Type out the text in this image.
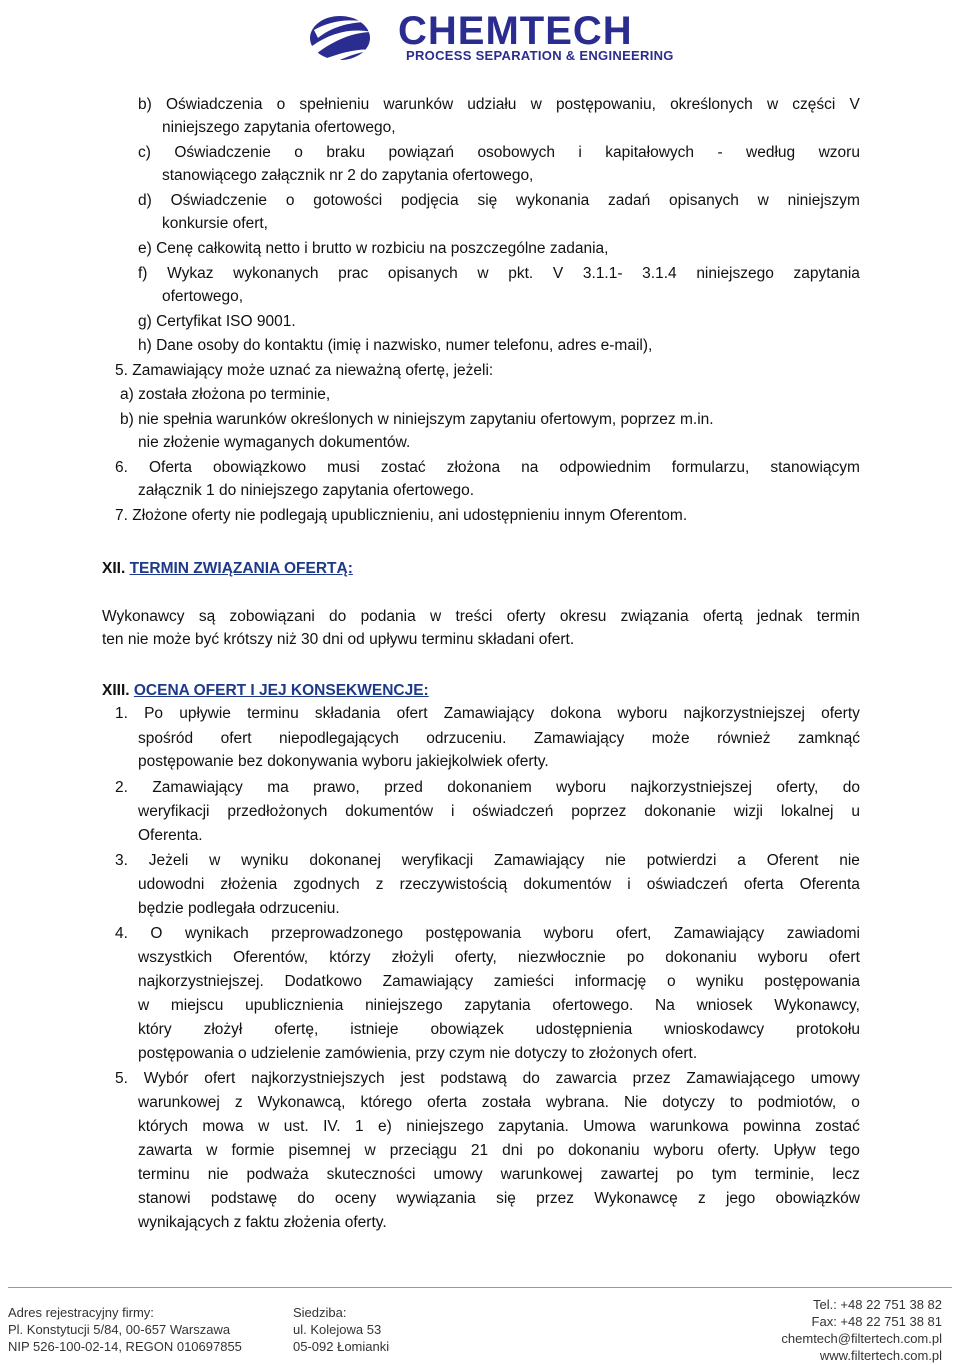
CHEMTECH
PROCESS SEPARATION & ENGINEERING
b) Oświadczenia o spełnieniu warunków udziału w postępowaniu, określonych w części V
niniejszego zapytania ofertowego,
c) Oświadczenie o braku powiązań osobowych i kapitałowych - według wzoru
stanowiącego załącznik nr 2 do zapytania ofertowego,
d) Oświadczenie o gotowości podjęcia się wykonania zadań opisanych w niniejszym
konkursie ofert,
e) Cenę całkowitą netto i brutto w rozbiciu na poszczególne zadania,
f) Wykaz wykonanych prac opisanych w pkt. V 3.1.1- 3.1.4 niniejszego zapytania
ofertowego,
g) Certyfikat ISO 9001.
h) Dane osoby do kontaktu (imię i nazwisko, numer telefonu, adres e-mail),
5. Zamawiający może uznać za nieważną ofertę, jeżeli:
a) została złożona po terminie,
b) nie spełnia warunków określonych w niniejszym zapytaniu ofertowym, poprzez m.in.
nie złożenie wymaganych dokumentów.
6. Oferta obowiązkowo musi zostać złożona na odpowiednim formularzu, stanowiącym
załącznik 1 do niniejszego zapytania ofertowego.
7. Złożone oferty nie podlegają upublicznieniu, ani udostępnieniu innym Oferentom.
Wykonawcy są zobowiązani do podania w treści oferty okresu związania ofertą jednak termin
ten nie może być krótszy niż 30 dni od upływu terminu składani ofert.
1. Po upływie terminu składania ofert Zamawiający dokona wyboru najkorzystniejszej oferty
spośród ofert niepodlegających odrzuceniu. Zamawiający może również zamknąć
postępowanie bez dokonywania wyboru jakiejkolwiek oferty.
2. Zamawiający ma prawo, przed dokonaniem wyboru najkorzystniejszej oferty, do
weryfikacji przedłożonych dokumentów i oświadczeń poprzez dokonanie wizji lokalnej u
Oferenta.
3. Jeżeli w wyniku dokonanej weryfikacji Zamawiający nie potwierdzi a Oferent nie
udowodni złożenia zgodnych z rzeczywistością dokumentów i oświadczeń oferta Oferenta
będzie podlegała odrzuceniu.
4. O wynikach przeprowadzonego postępowania wyboru ofert, Zamawiający zawiadomi
wszystkich Oferentów, którzy złożyli oferty, niezwłocznie po dokonaniu wyboru ofert
najkorzystniejszej. Dodatkowo Zamawiający zamieści informację o wyniku postępowania
w miejscu upublicznienia niniejszego zapytania ofertowego. Na wniosek Wykonawcy,
który złożył ofertę, istnieje obowiązek udostępnienia wnioskodawcy protokołu
postępowania o udzielenie zamówienia, przy czym nie dotyczy to złożonych ofert.
5. Wybór ofert najkorzystniejszych jest podstawą do zawarcia przez Zamawiającego umowy
warunkowej z Wykonawcą, którego oferta została wybrana. Nie dotyczy to podmiotów, o
których mowa w ust. IV. 1 e) niniejszego zapytania. Umowa warunkowa powinna zostać
zawarta w formie pisemnej w przeciągu 21 dni po dokonaniu wyboru oferty. Upływ tego
terminu nie podważa skuteczności umowy warunkowej zawartej po tym terminie, lecz
stanowi podstawę do oceny wywiązania się przez Wykonawcę z jego obowiązków
wynikających z faktu złożenia oferty.
XII. TERMIN ZWIĄZANIA OFERTĄ:
XIII. OCENA OFERT I JEJ KONSEKWENCJE:
Adres rejestracyjny firmy:
Pl. Konstytucji 5/84, 00-657 Warszawa
NIP 526-100-02-14, REGON 010697855
Siedziba:
ul. Kolejowa 53
05-092 Łomianki
Tel.: +48 22 751 38 82
Fax: +48 22 751 38 81
chemtech@filtertech.com.pl
www.filtertech.com.pl
